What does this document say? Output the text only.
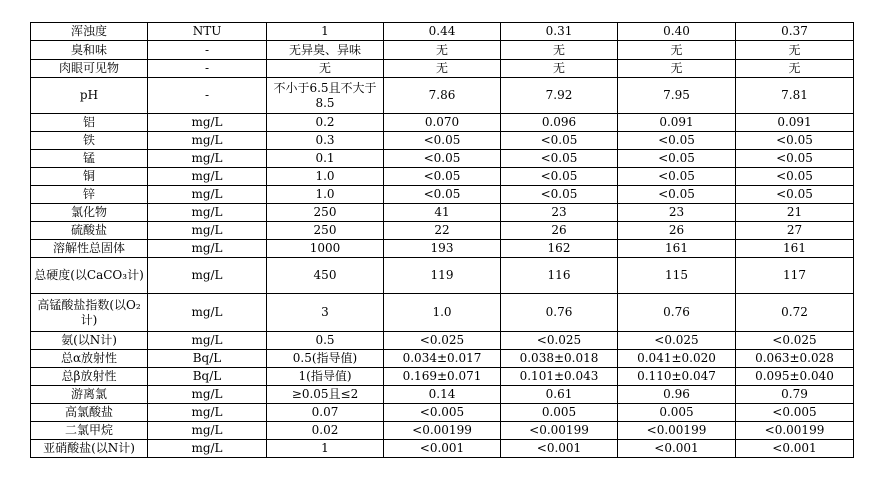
浑浊度	NTU	1	0.44	0.31	0.40	0.37
臭和味	-	无异臭、异味	无	无	无	无
肉眼可见物	-	无	无	无	无	无
pH	-	不小于6.5且不大于8.5	7.86	7.92	7.95	7.81
铝	mg/L	0.2	0.070	0.096	0.091	0.091
铁	mg/L	0.3	<0.05	<0.05	<0.05	<0.05
锰	mg/L	0.1	<0.05	<0.05	<0.05	<0.05
铜	mg/L	1.0	<0.05	<0.05	<0.05	<0.05
锌	mg/L	1.0	<0.05	<0.05	<0.05	<0.05
氯化物	mg/L	250	41	23	23	21
硫酸盐	mg/L	250	22	26	26	27
溶解性总固体	mg/L	1000	193	162	161	161
总硬度(以CaCO₃计)	mg/L	450	119	116	115	117
高锰酸盐指数(以O₂计)	mg/L	3	1.0	0.76	0.76	0.72
氨(以N计)	mg/L	0.5	<0.025	<0.025	<0.025	<0.025
总α放射性	Bq/L	0.5(指导值)	0.034±0.017	0.038±0.018	0.041±0.020	0.063±0.028
总β放射性	Bq/L	1(指导值)	0.169±0.071	0.101±0.043	0.110±0.047	0.095±0.040
游离氯	mg/L	≥0.05且≤2	0.14	0.61	0.96	0.79
高氯酸盐	mg/L	0.07	<0.005	0.005	0.005	<0.005
二氯甲烷	mg/L	0.02	<0.00199	<0.00199	<0.00199	<0.00199
亚硝酸盐(以N计)	mg/L	1	<0.001	<0.001	<0.001	<0.001
